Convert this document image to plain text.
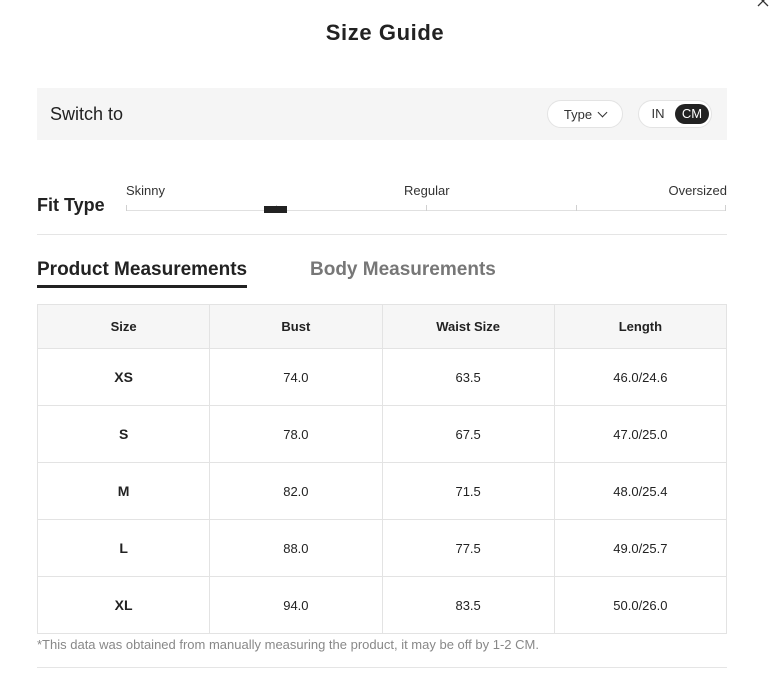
Size Guide
Switch to	Type	IN	CM
Fit Type
Skinny	Regular	Oversized
Product Measurements	Body Measurements
Size	Bust	Waist Size	Length
XS	74.0	63.5	46.0/24.6
S	78.0	67.5	47.0/25.0
M	82.0	71.5	48.0/25.4
L	88.0	77.5	49.0/25.7
XL	94.0	83.5	50.0/26.0
*This data was obtained from manually measuring the product, it may be off by 1-2 CM.
